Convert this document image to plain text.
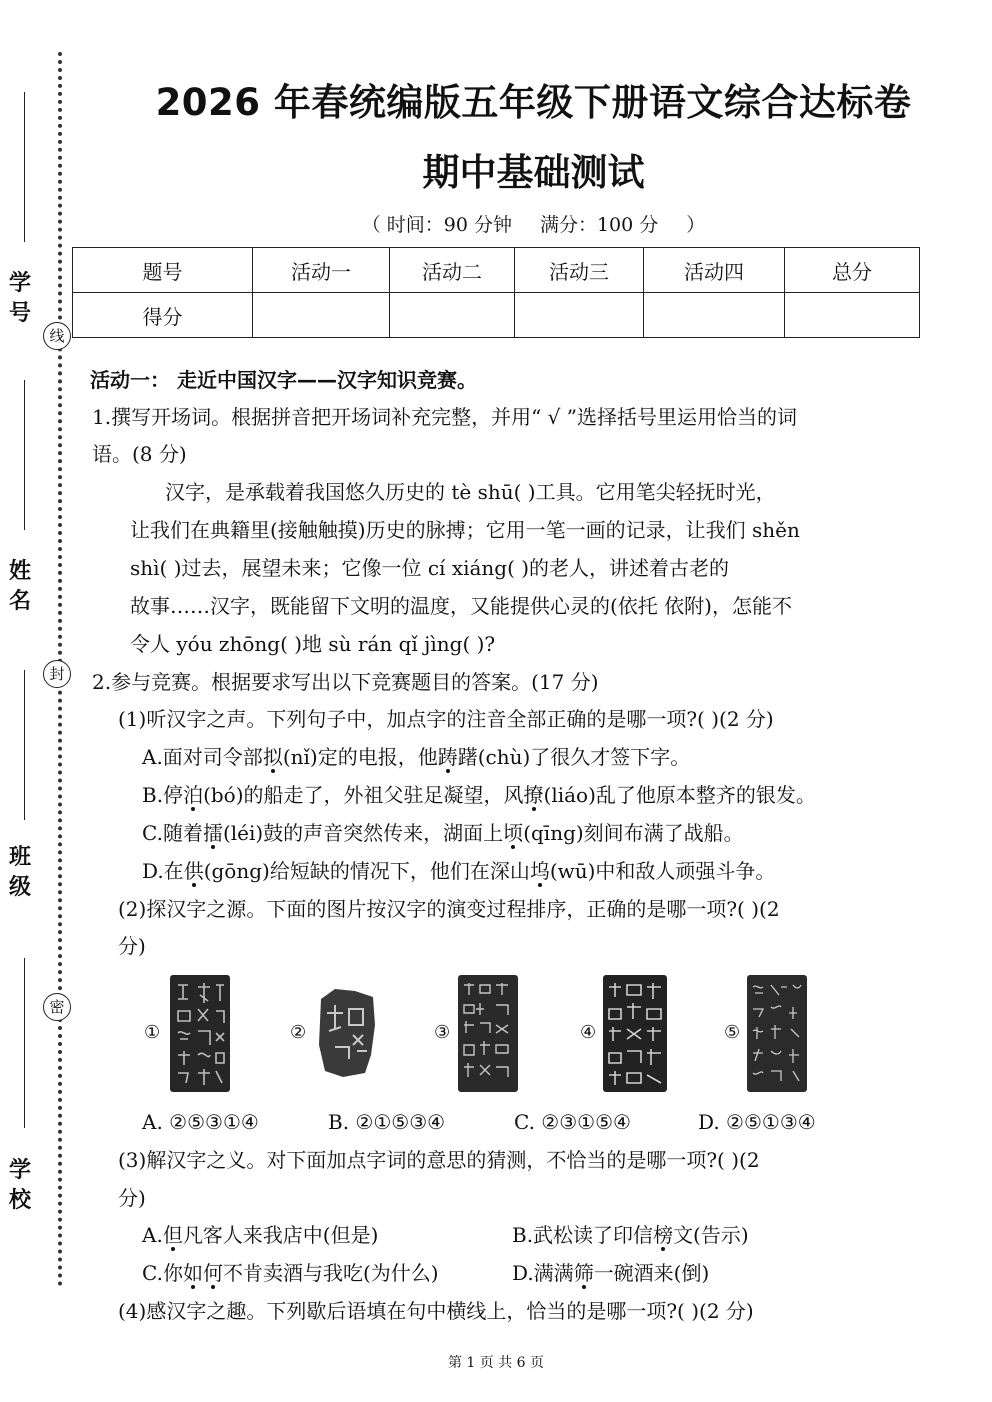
学 号
姓 名
班 级
学 校
线
封
密
2026 年春统编版五年级下册语文综合达标卷
期中基础测试
（ 时间：90 分钟 满分：100 分 ）
题号	活动一	活动二	活动三	活动四	总分
得分					
活动一： 走近中国汉字——汉字知识竞赛。
1.撰写开场词。根据拼音把开场词补充完整，并用“ √ ”选择括号里运用恰当的词
语。(8 分)
汉字，是承载着我国悠久历史的 tè shū( )工具。它用笔尖轻抚时光，
让我们在典籍里(接触触摸)历史的脉搏；它用一笔一画的记录，让我们 shěn
shì( )过去，展望未来；它像一位 cí xiáng( )的老人，讲述着古老的
故事……汉字，既能留下文明的温度，又能提供心灵的(依托 依附)，怎能不
令人 yóu zhōng( )地 sù rán qǐ jìng( )?
2.参与竞赛。根据要求写出以下竞赛题目的答案。(17 分)
(1)听汉字之声。下列句子中，加点字的注音全部正确的是哪一项?( )(2 分)
A.面对司令部拟(nǐ)定的电报，他踌躇(chù)了很久才签下字。
B.停泊(bó)的船走了，外祖父驻足凝望，风撩(liáo)乱了他原本整齐的银发。
C.随着擂(léi)鼓的声音突然传来，湖面上顷(qīng)刻间布满了战船。
D.在供(gōng)给短缺的情况下，他们在深山坞(wū)中和敌人顽强斗争。
(2)探汉字之源。下面的图片按汉字的演变过程排序，正确的是哪一项?( )(2
分)
①	②	③	④	⑤
A. ②⑤③①④	B. ②①⑤③④	C. ②③①⑤④	D. ②⑤①③④
(3)解汉字之义。对下面加点字词的意思的猜测，不恰当的是哪一项?( )(2
分)
A.但凡客人来我店中(但是)	B.武松读了印信榜文(告示)
C.你如何不肯卖酒与我吃(为什么)	D.满满筛一碗酒来(倒)
(4)感汉字之趣。下列歇后语填在句中横线上，恰当的是哪一项?( )(2 分)
第 1 页 共 6 页
